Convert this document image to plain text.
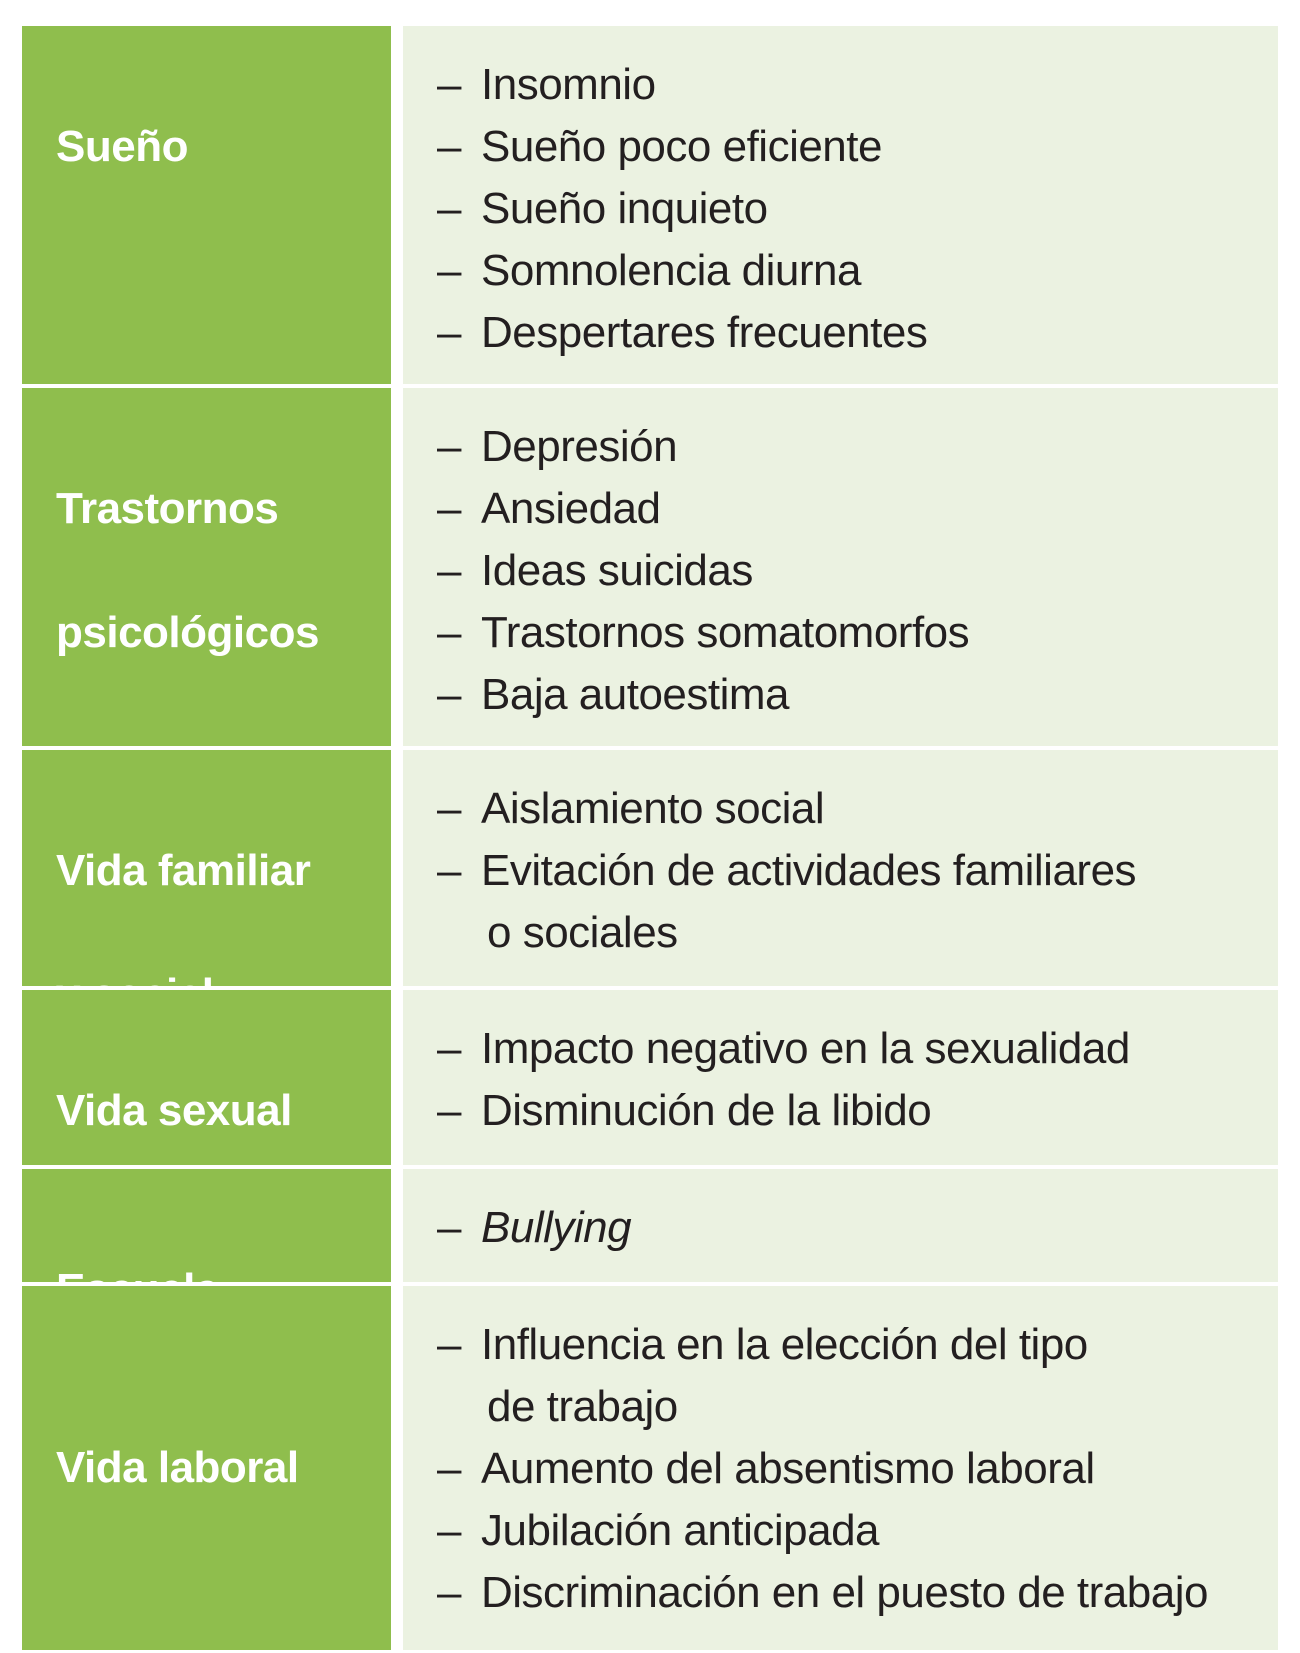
Sueño

– Insomnio
– Sueño poco eficiente
– Sueño inquieto
– Somnolencia diurna
– Despertares frecuentes

Trastornos

psicológicos

– Depresión
– Ansiedad
– Ideas suicidas
– Trastornos somatomorfos
– Baja autoestima

Vida familiar

– Aislamiento social
– Evitación de actividades familiares
o sociales

Vida sexual

– Impacto negativo en la sexualidad
– Disminución de la libido

– Bullying
Vida laboral
– Influencia en la elección del tipo
de trabajo
– Aumento del absentismo laboral
– Jubilación anticipada
– Discriminación en el puesto de trabajo
